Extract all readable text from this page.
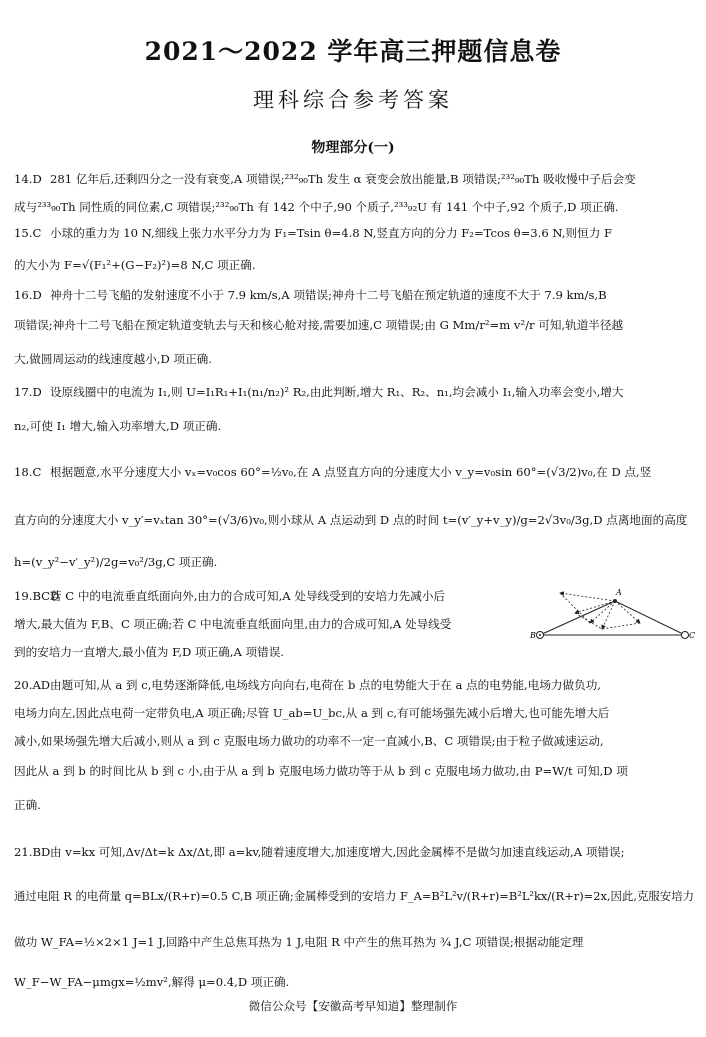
2021～2022 学年高三押题信息卷
理科综合参考答案
物理部分(一)
14.D 281 亿年后,还剩四分之一没有衰变,A 项错误;²³²₉₀Th 发生 α 衰变会放出能量,B 项错误;²³²₉₀Th 吸收慢中子后会变
成与²³³₉₀Th 同性质的同位素,C 项错误;²³²₉₀Th 有 142 个中子,90 个质子,²³³₉₂U 有 141 个中子,92 个质子,D 项正确.
15.C 小球的重力为 10 N,细线上张力水平分力为 F₁=Tsin θ=4.8 N,竖直方向的分力 F₂=Tcos θ=3.6 N,则恒力 F
的大小为 F=√(F₁²+(G−F₂)²)=8 N,C 项正确.
16.D 神舟十二号飞船的发射速度不小于 7.9 km/s,A 项错误;神舟十二号飞船在预定轨道的速度不大于 7.9 km/s,B
项错误;神舟十二号飞船在预定轨道变轨去与天和核心舱对接,需要加速,C 项错误;由 G Mm/r²=m v²/r 可知,轨道半径越
大,做圆周运动的线速度越小,D 项正确.
17.D 设原线圈中的电流为 I₁,则 U=I₁R₁+I₁(n₁/n₂)² R₂,由此判断,增大 R₁、R₂、n₁,均会减小 I₁,输入功率会变小,增大
n₂,可使 I₁ 增大,输入功率增大,D 项正确.
18.C 根据题意,水平分速度大小 vₓ=v₀cos 60°=½v₀,在 A 点竖直方向的分速度大小 v_y=v₀sin 60°=(√3/2)v₀,在 D 点,竖
直方向的分速度大小 v_y′=vₓtan 30°=(√3/6)v₀,则小球从 A 点运动到 D 点的时间 t=(v′_y+v_y)/g=2√3v₀/3g,D 点离地面的高度
h=(v_y²−v′_y²)/2g=v₀²/3g,C 项正确.
19.BCD若 C 中的电流垂直纸面向外,由力的合成可知,A 处导线受到的安培力先减小后
增大,最大值为 F,B、C 项正确;若 C 中电流垂直纸面向里,由力的合成可知,A 处导线受
到的安培力一直增大,最小值为 F,D 项正确,A 项错误.
A
B	C
20.AD由题可知,从 a 到 c,电势逐渐降低,电场线方向向右,电荷在 b 点的电势能大于在 a 点的电势能,电场力做负功,
电场力向左,因此点电荷一定带负电,A 项正确;尽管 U_ab=U_bc,从 a 到 c,有可能场强先减小后增大,也可能先增大后
减小,如果场强先增大后减小,则从 a 到 c 克服电场力做功的功率不一定一直减小,B、C 项错误;由于粒子做减速运动,
因此从 a 到 b 的时间比从 b 到 c 小,由于从 a 到 b 克服电场力做功等于从 b 到 c 克服电场力做功,由 P=W/t 可知,D 项
正确.
21.BD由 v=kx 可知,Δv/Δt=k Δx/Δt,即 a=kv,随着速度增大,加速度增大,因此金属棒不是做匀加速直线运动,A 项错误;
通过电阻 R 的电荷量 q=BLx/(R+r)=0.5 C,B 项正确;金属棒受到的安培力 F_A=B²L²v/(R+r)=B²L²kx/(R+r)=2x,因此,克服安培力
做功 W_FA=½×2×1 J=1 J,回路中产生总焦耳热为 1 J,电阻 R 中产生的焦耳热为 ¾ J,C 项错误;根据动能定理
W_F−W_FA−μmgx=½mv²,解得 μ=0.4,D 项正确.
微信公众号【安徽高考早知道】整理制作
